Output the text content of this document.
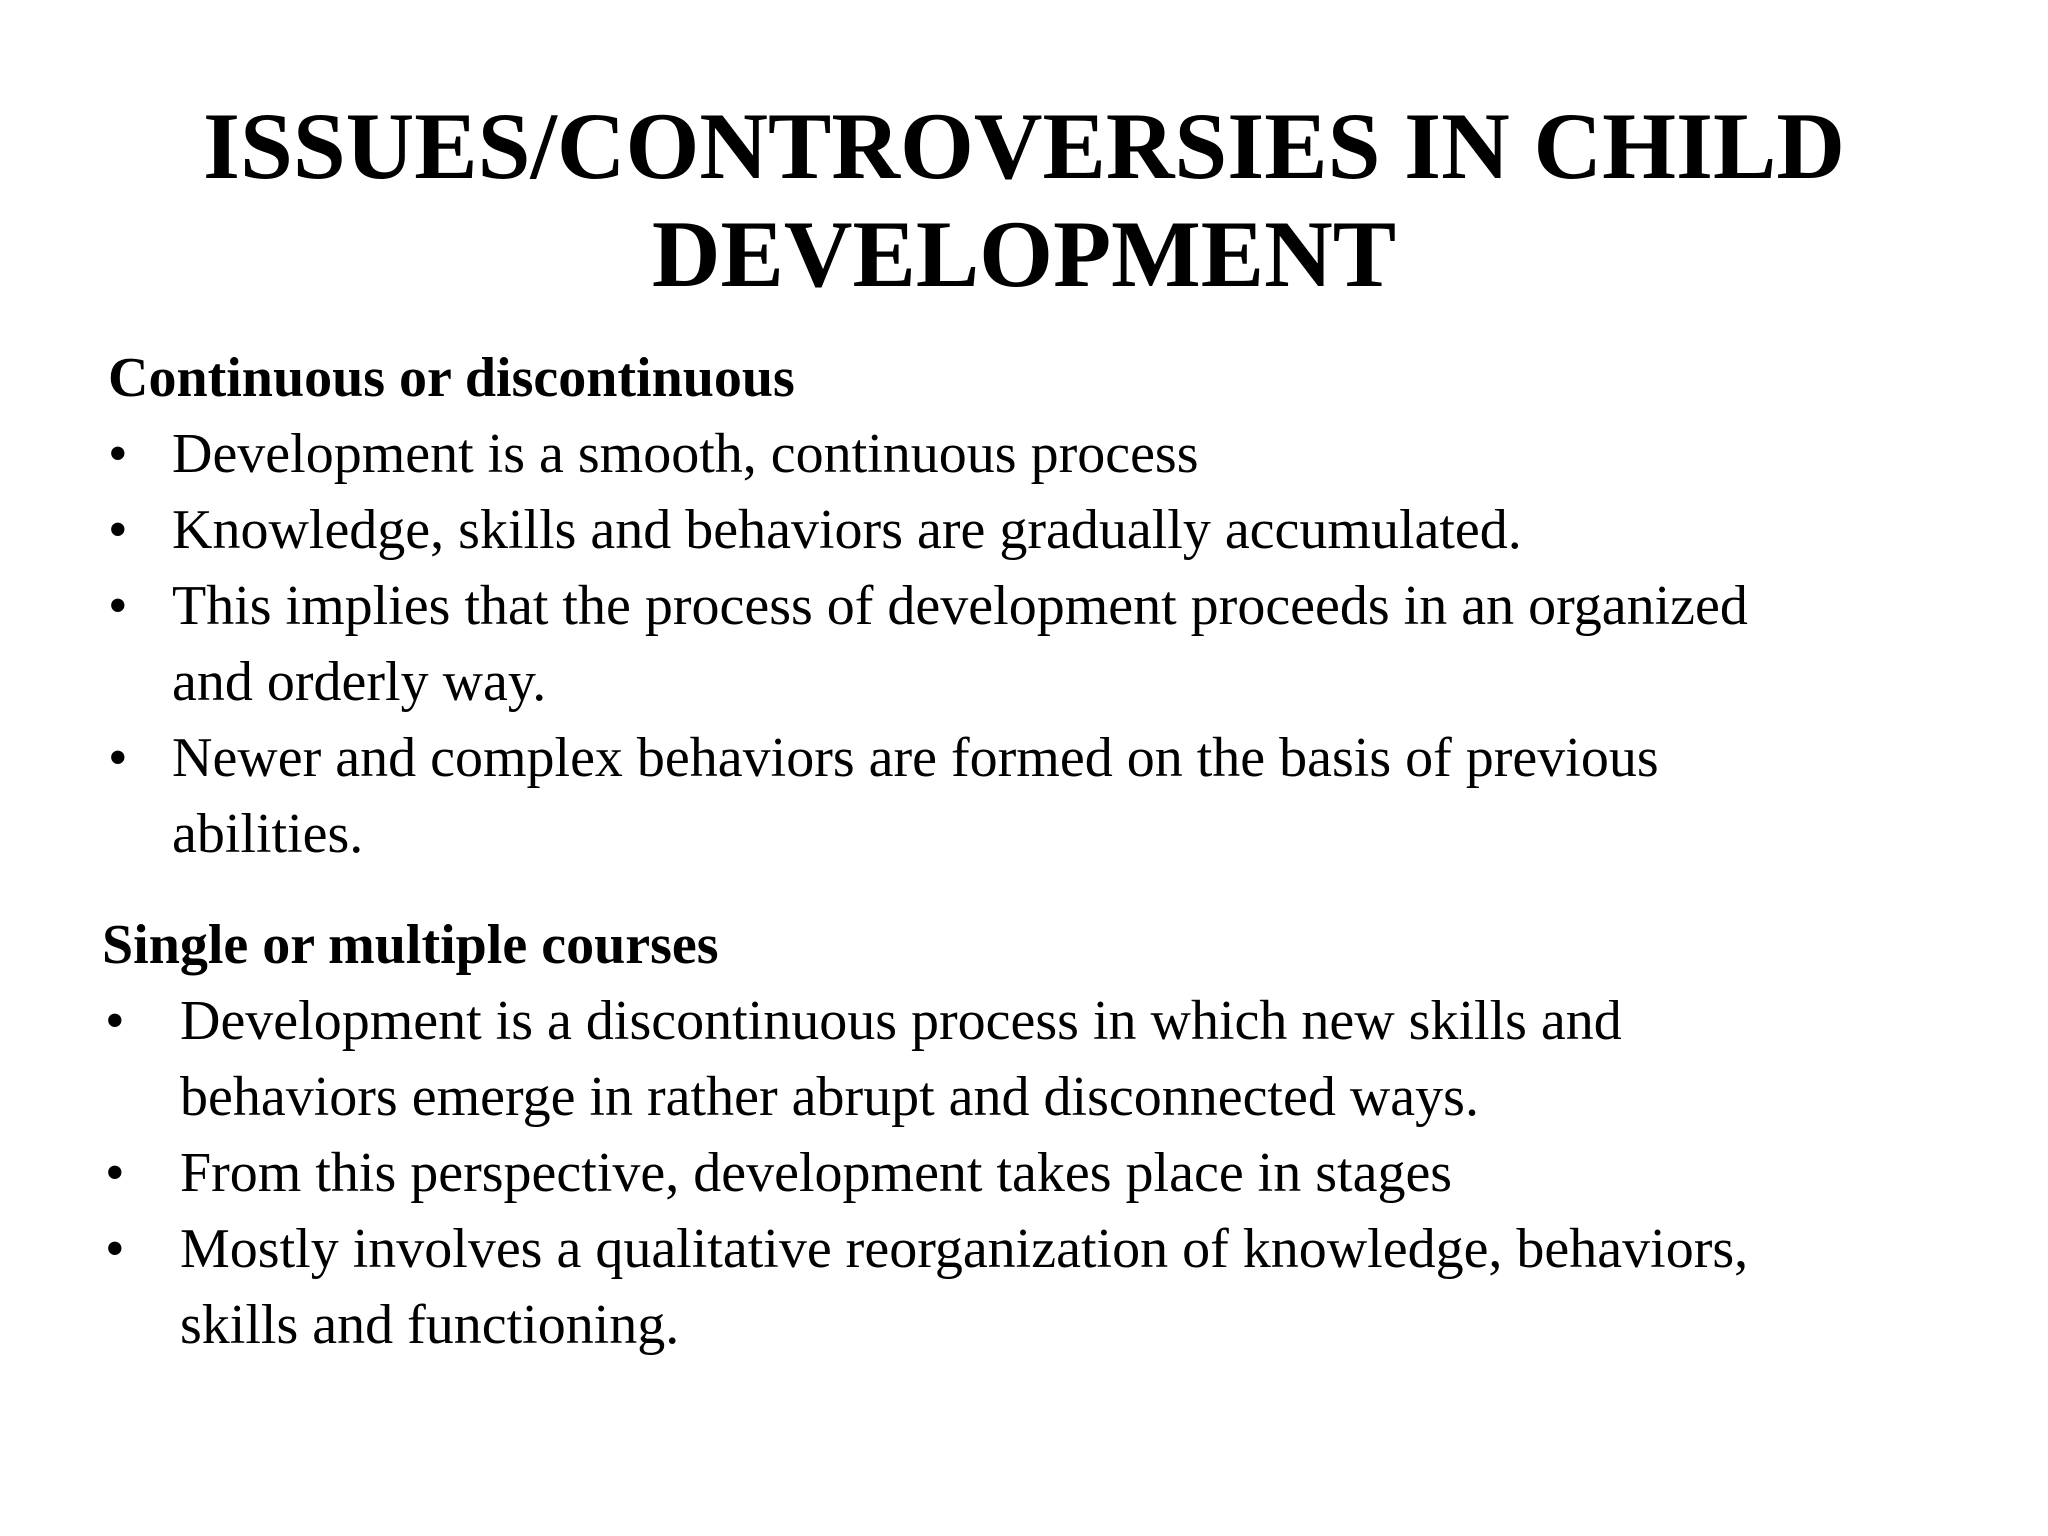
ISSUES/CONTROVERSIES IN CHILD
DEVELOPMENT
Continuous or discontinuous
• Development is a smooth, continuous process
• Knowledge, skills and behaviors are gradually accumulated.
• This implies that the process of development proceeds in an organized
and orderly way.
• Newer and complex behaviors are formed on the basis of previous
abilities.
Single or multiple courses
• Development is a discontinuous process in which new skills and
behaviors emerge in rather abrupt and disconnected ways.
• From this perspective, development takes place in stages
• Mostly involves a qualitative reorganization of knowledge, behaviors,
skills and functioning.
